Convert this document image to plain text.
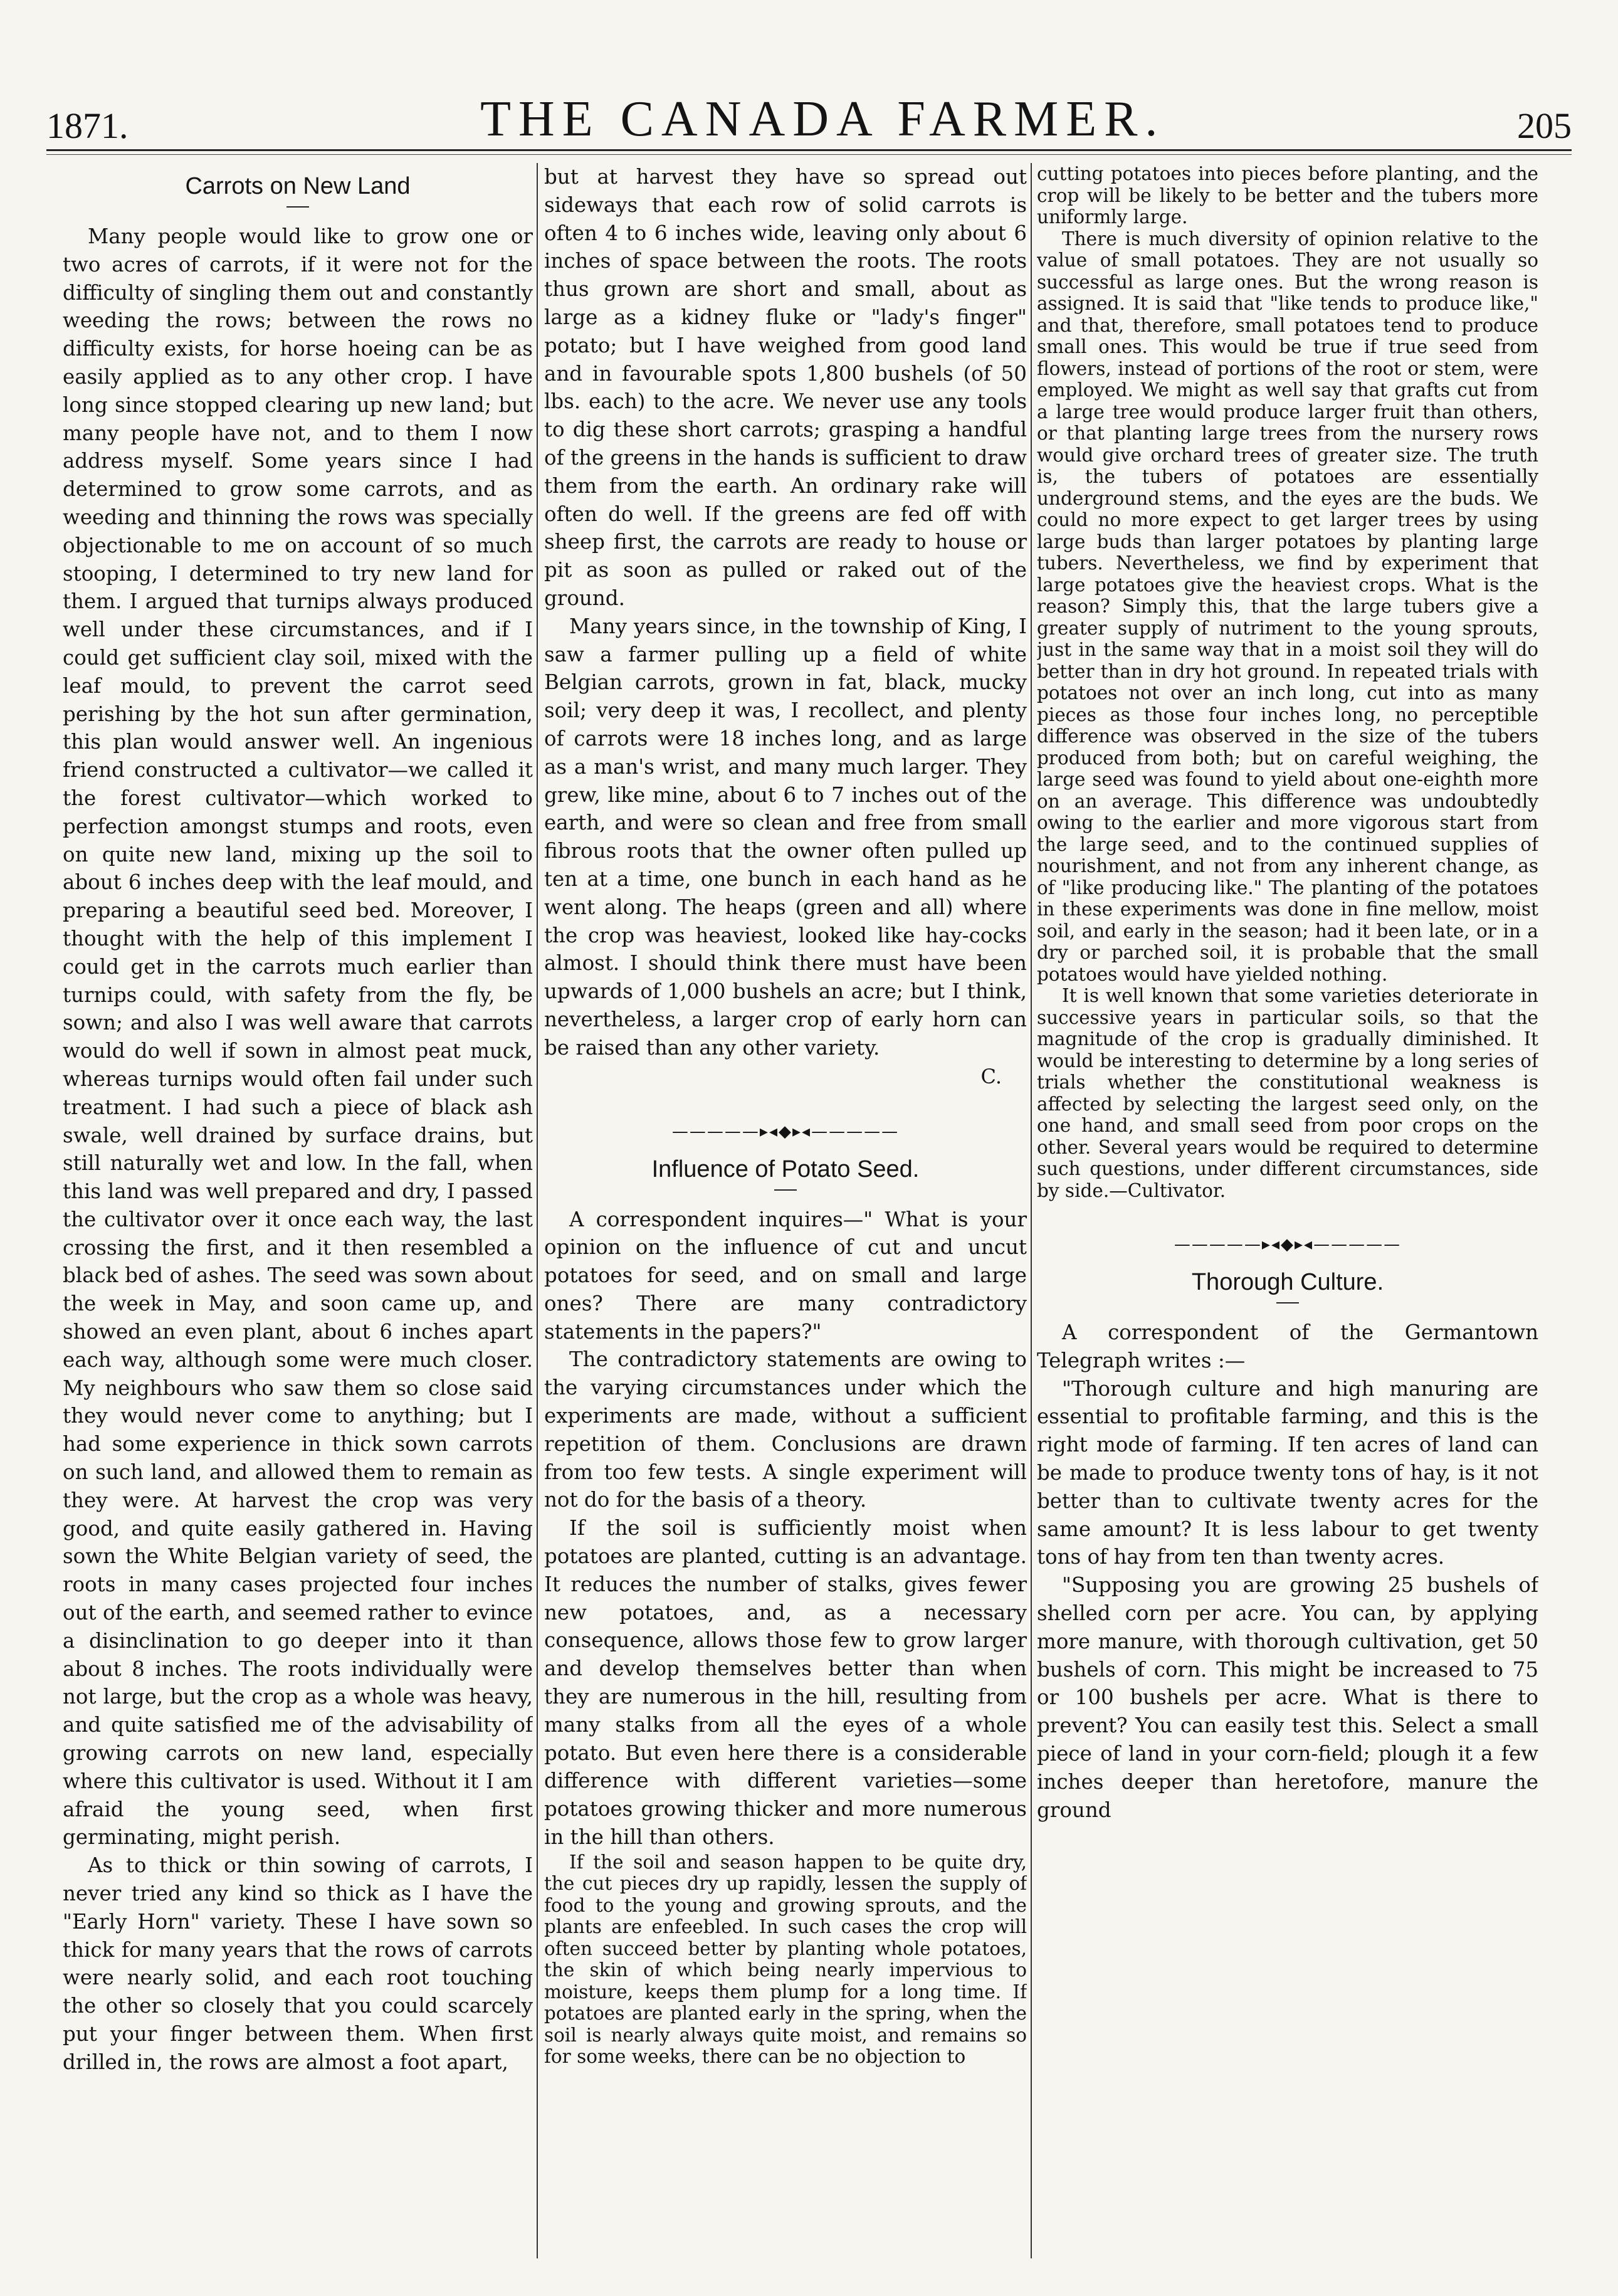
1871.	THE CANADA FARMER.	205
Carrots on New Land

Many people would like to grow one or two acres of carrots, if it were not for the difficulty of singling them out and constantly weeding the rows; between the rows no difficulty exists, for horse hoeing can be as easily applied as to any other crop. I have long since stopped clearing up new land; but many people have not, and to them I now address myself. Some years since I had determined to grow some carrots, and as weeding and thinning the rows was specially objectionable to me on account of so much stooping, I determined to try new land for them. I argued that turnips always produced well under these circumstances, and if I could get sufficient clay soil, mixed with the leaf mould, to prevent the carrot seed perishing by the hot sun after germination, this plan would answer well. An ingenious friend constructed a cultivator—we called it the forest cultivator—which worked to perfection amongst stumps and roots, even on quite new land, mixing up the soil to about 6 inches deep with the leaf mould, and preparing a beautiful seed bed. Moreover, I thought with the help of this implement I could get in the carrots much earlier than turnips could, with safety from the fly, be sown; and also I was well aware that carrots would do well if sown in almost peat muck, whereas turnips would often fail under such treatment. I had such a piece of black ash swale, well drained by surface drains, but still naturally wet and low. In the fall, when this land was well prepared and dry, I passed the cultivator over it once each way, the last crossing the first, and it then resembled a black bed of ashes. The seed was sown about the week in May, and soon came up, and showed an even plant, about 6 inches apart each way, although some were much closer. My neighbours who saw them so close said they would never come to anything; but I had some experience in thick sown carrots on such land, and allowed them to remain as they were. At harvest the crop was very good, and quite easily gathered in. Having sown the White Belgian variety of seed, the roots in many cases projected four inches out of the earth, and seemed rather to evince a disinclination to go deeper into it than about 8 inches. The roots individually were not large, but the crop as a whole was heavy, and quite satisfied me of the advisability of growing carrots on new land, especially where this cultivator is used. Without it I am afraid the young seed, when first germinating, might perish.

As to thick or thin sowing of carrots, I never tried any kind so thick as I have the "Early Horn" variety. These I have sown so thick for many years that the rows of carrots were nearly solid, and each root touching the other so closely that you could scarcely put your finger between them. When first drilled in, the rows are almost a foot apart,

but at harvest they have so spread out sideways that each row of solid carrots is often 4 to 6 inches wide, leaving only about 6 inches of space between the roots. The roots thus grown are short and small, about as large as a kidney fluke or "lady's finger" potato; but I have weighed from good land and in favourable spots 1,800 bushels (of 50 lbs. each) to the acre. We never use any tools to dig these short carrots; grasping a handful of the greens in the hands is sufficient to draw them from the earth. An ordinary rake will often do well. If the greens are fed off with sheep first, the carrots are ready to house or pit as soon as pulled or raked out of the ground.

Many years since, in the township of King, I saw a farmer pulling up a field of white Belgian carrots, grown in fat, black, mucky soil; very deep it was, I recollect, and plenty of carrots were 18 inches long, and as large as a man's wrist, and many much larger. They grew, like mine, about 6 to 7 inches out of the earth, and were so clean and free from small fibrous roots that the owner often pulled up ten at a time, one bunch in each hand as he went along. The heaps (green and all) where the crop was heaviest, looked like hay-cocks almost. I should think there must have been upwards of 1,000 bushels an acre; but I think, nevertheless, a larger crop of early horn can be raised than any other variety.

C.

—————▸◂◆▸◂—————
Influence of Potato Seed.

A correspondent inquires—" What is your opinion on the influence of cut and uncut potatoes for seed, and on small and large ones? There are many contradictory statements in the papers?"

The contradictory statements are owing to the varying circumstances under which the experiments are made, without a sufficient repetition of them. Conclusions are drawn from too few tests. A single experiment will not do for the basis of a theory.

If the soil is sufficiently moist when potatoes are planted, cutting is an advantage. It reduces the number of stalks, gives fewer new potatoes, and, as a necessary consequence, allows those few to grow larger and develop themselves better than when they are numerous in the hill, resulting from many stalks from all the eyes of a whole potato. But even here there is a considerable difference with different varieties—some potatoes growing thicker and more numerous in the hill than others.

If the soil and season happen to be quite dry, the cut pieces dry up rapidly, lessen the supply of food to the young and growing sprouts, and the plants are enfeebled. In such cases the crop will often succeed better by planting whole potatoes, the skin of which being nearly impervious to moisture, keeps them plump for a long time. If potatoes are planted early in the spring, when the soil is nearly always quite moist, and remains so for some weeks, there can be no objection to

cutting potatoes into pieces before planting, and the crop will be likely to be better and the tubers more uniformly large.

There is much diversity of opinion relative to the value of small potatoes. They are not usually so successful as large ones. But the wrong reason is assigned. It is said that "like tends to produce like," and that, therefore, small potatoes tend to produce small ones. This would be true if true seed from flowers, instead of portions of the root or stem, were employed. We might as well say that grafts cut from a large tree would produce larger fruit than others, or that planting large trees from the nursery rows would give orchard trees of greater size. The truth is, the tubers of potatoes are essentially underground stems, and the eyes are the buds. We could no more expect to get larger trees by using large buds than larger potatoes by planting large tubers. Nevertheless, we find by experiment that large potatoes give the heaviest crops. What is the reason? Simply this, that the large tubers give a greater supply of nutriment to the young sprouts, just in the same way that in a moist soil they will do better than in dry hot ground. In repeated trials with potatoes not over an inch long, cut into as many pieces as those four inches long, no perceptible difference was observed in the size of the tubers produced from both; but on careful weighing, the large seed was found to yield about one-eighth more on an average. This difference was undoubtedly owing to the earlier and more vigorous start from the large seed, and to the continued supplies of nourishment, and not from any inherent change, as of "like producing like." The planting of the potatoes in these experiments was done in fine mellow, moist soil, and early in the season; had it been late, or in a dry or parched soil, it is probable that the small potatoes would have yielded nothing.

It is well known that some varieties deteriorate in successive years in particular soils, so that the magnitude of the crop is gradually diminished. It would be interesting to determine by a long series of trials whether the constitutional weakness is affected by selecting the largest seed only, on the one hand, and small seed from poor crops on the other. Several years would be required to determine such questions, under different circumstances, side by side.—Cultivator.

—————▸◂◆▸◂—————
Thorough Culture.

A correspondent of the Germantown Telegraph writes :—

"Thorough culture and high manuring are essential to profitable farming, and this is the right mode of farming. If ten acres of land can be made to produce twenty tons of hay, is it not better than to cultivate twenty acres for the same amount? It is less labour to get twenty tons of hay from ten than twenty acres.

"Supposing you are growing 25 bushels of shelled corn per acre. You can, by applying more manure, with thorough cultivation, get 50 bushels of corn. This might be increased to 75 or 100 bushels per acre. What is there to prevent? You can easily test this. Select a small piece of land in your corn-field; plough it a few inches deeper than heretofore, manure the ground
